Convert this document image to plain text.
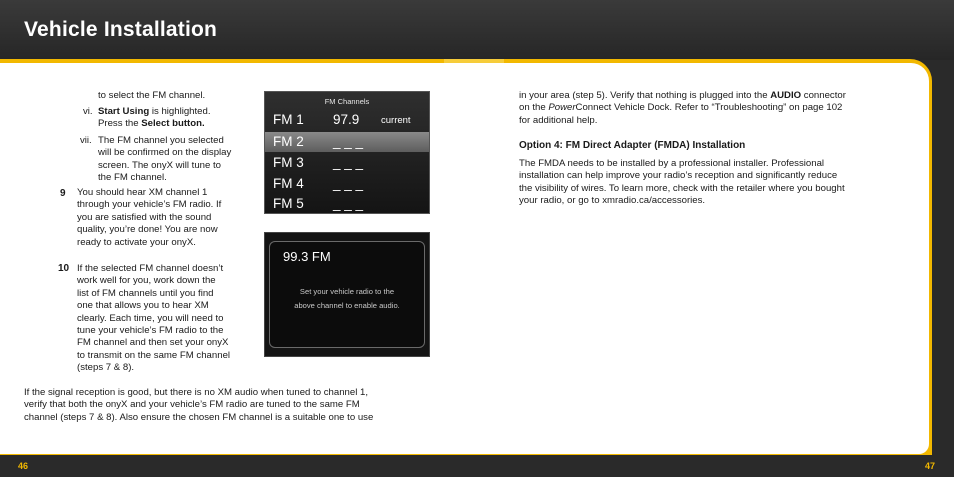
Vehicle Installation
46	47
to select the FM channel.
vi. Start Using is highlighted.
Press the Select button.
vii. The FM channel you selected
will be confirmed on the display
screen. The onyX will tune to
the FM channel.
9 You should hear XM channel 1
through your vehicle’s FM radio. If
you are satisfied with the sound
quality, you’re done! You are now
ready to activate your onyX.
10 If the selected FM channel doesn’t
work well for you, work down the
list of FM channels until you find
one that allows you to hear XM
clearly. Each time, you will need to
tune your vehicle’s FM radio to the
FM channel and then set your onyX
to transmit on the same FM channel
(steps 7 & 8).
If the signal reception is good, but there is no XM audio when tuned to channel 1,
verify that both the onyX and your vehicle’s FM radio are tuned to the same FM
channel (steps 7 & 8). Also ensure the chosen FM channel is a suitable one to use
FM Channels
FM 1 97.9 current
FM 2 _ _ _
FM 3 _ _ _
FM 4 _ _ _
FM 5 _ _ _
99.3 FM
Set your vehicle radio to the
above channel to enable audio.
in your area (step 5). Verify that nothing is plugged into the AUDIO connector
on the PowerConnect Vehicle Dock. Refer to “Troubleshooting” on page 102
for additional help.
Option 4: FM Direct Adapter (FMDA) Installation
The FMDA needs to be installed by a professional installer. Professional
installation can help improve your radio’s reception and significantly reduce
the visibility of wires. To learn more, check with the retailer where you bought
your radio, or go to xmradio.ca/accessories.
